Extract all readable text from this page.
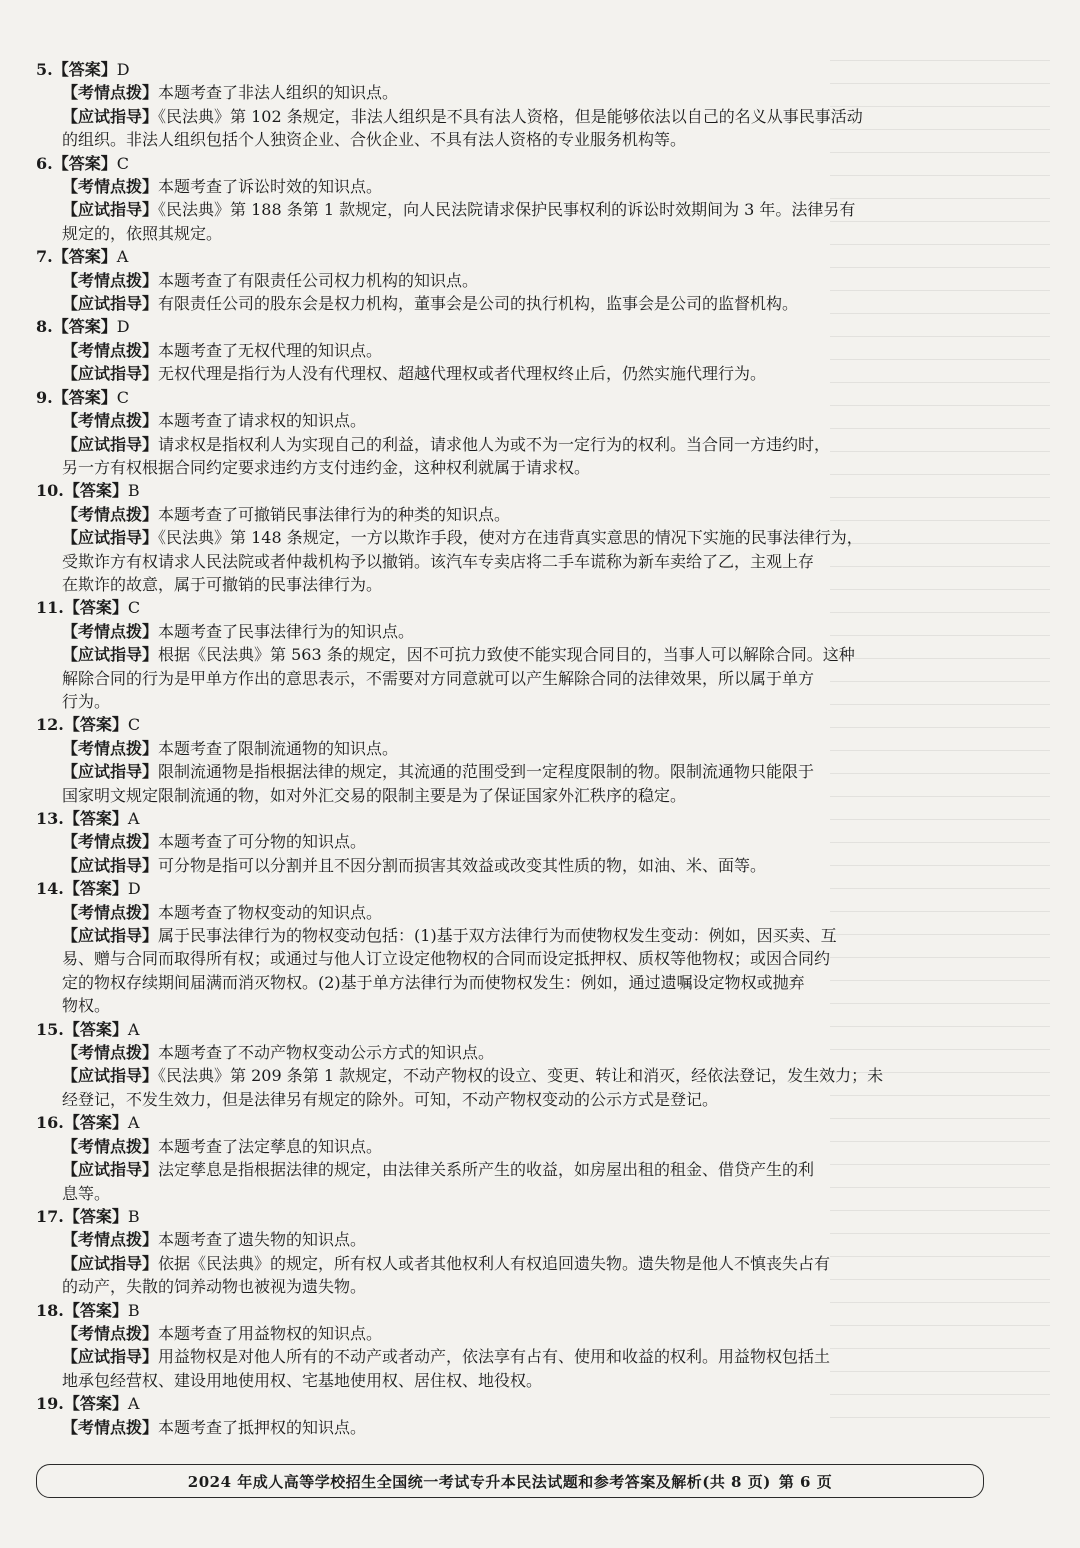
5.【答案】D
【考情点拨】本题考查了非法人组织的知识点。
【应试指导】《民法典》第 102 条规定，非法人组织是不具有法人资格，但是能够依法以自己的名义从事民事活动
的组织。非法人组织包括个人独资企业、合伙企业、不具有法人资格的专业服务机构等。
6.【答案】C
【考情点拨】本题考查了诉讼时效的知识点。
【应试指导】《民法典》第 188 条第 1 款规定，向人民法院请求保护民事权利的诉讼时效期间为 3 年。法律另有
规定的，依照其规定。
7.【答案】A
【考情点拨】本题考查了有限责任公司权力机构的知识点。
【应试指导】有限责任公司的股东会是权力机构，董事会是公司的执行机构，监事会是公司的监督机构。
8.【答案】D
【考情点拨】本题考查了无权代理的知识点。
【应试指导】无权代理是指行为人没有代理权、超越代理权或者代理权终止后，仍然实施代理行为。
9.【答案】C
【考情点拨】本题考查了请求权的知识点。
【应试指导】请求权是指权利人为实现自己的利益，请求他人为或不为一定行为的权利。当合同一方违约时，
另一方有权根据合同约定要求违约方支付违约金，这种权利就属于请求权。
10.【答案】B
【考情点拨】本题考查了可撤销民事法律行为的种类的知识点。
【应试指导】《民法典》第 148 条规定，一方以欺诈手段，使对方在违背真实意思的情况下实施的民事法律行为，
受欺诈方有权请求人民法院或者仲裁机构予以撤销。该汽车专卖店将二手车谎称为新车卖给了乙，主观上存
在欺诈的故意，属于可撤销的民事法律行为。
11.【答案】C
【考情点拨】本题考查了民事法律行为的知识点。
【应试指导】根据《民法典》第 563 条的规定，因不可抗力致使不能实现合同目的，当事人可以解除合同。这种
解除合同的行为是甲单方作出的意思表示，不需要对方同意就可以产生解除合同的法律效果，所以属于单方
行为。
12.【答案】C
【考情点拨】本题考查了限制流通物的知识点。
【应试指导】限制流通物是指根据法律的规定，其流通的范围受到一定程度限制的物。限制流通物只能限于
国家明文规定限制流通的物，如对外汇交易的限制主要是为了保证国家外汇秩序的稳定。
13.【答案】A
【考情点拨】本题考查了可分物的知识点。
【应试指导】可分物是指可以分割并且不因分割而损害其效益或改变其性质的物，如油、米、面等。
14.【答案】D
【考情点拨】本题考查了物权变动的知识点。
【应试指导】属于民事法律行为的物权变动包括：(1)基于双方法律行为而使物权发生变动：例如，因买卖、互
易、赠与合同而取得所有权；或通过与他人订立设定他物权的合同而设定抵押权、质权等他物权；或因合同约
定的物权存续期间届满而消灭物权。(2)基于单方法律行为而使物权发生：例如，通过遗嘱设定物权或抛弃
物权。
15.【答案】A
【考情点拨】本题考查了不动产物权变动公示方式的知识点。
【应试指导】《民法典》第 209 条第 1 款规定，不动产物权的设立、变更、转让和消灭，经依法登记，发生效力；未
经登记，不发生效力，但是法律另有规定的除外。可知，不动产物权变动的公示方式是登记。
16.【答案】A
【考情点拨】本题考查了法定孳息的知识点。
【应试指导】法定孳息是指根据法律的规定，由法律关系所产生的收益，如房屋出租的租金、借贷产生的利
息等。
17.【答案】B
【考情点拨】本题考查了遗失物的知识点。
【应试指导】依据《民法典》的规定，所有权人或者其他权利人有权追回遗失物。遗失物是他人不慎丧失占有
的动产，失散的饲养动物也被视为遗失物。
18.【答案】B
【考情点拨】本题考查了用益物权的知识点。
【应试指导】用益物权是对他人所有的不动产或者动产，依法享有占有、使用和收益的权利。用益物权包括土
地承包经营权、建设用地使用权、宅基地使用权、居住权、地役权。
19.【答案】A
【考情点拨】本题考查了抵押权的知识点。
2024 年成人高等学校招生全国统一考试专升本民法试题和参考答案及解析(共 8 页) 第 6 页
